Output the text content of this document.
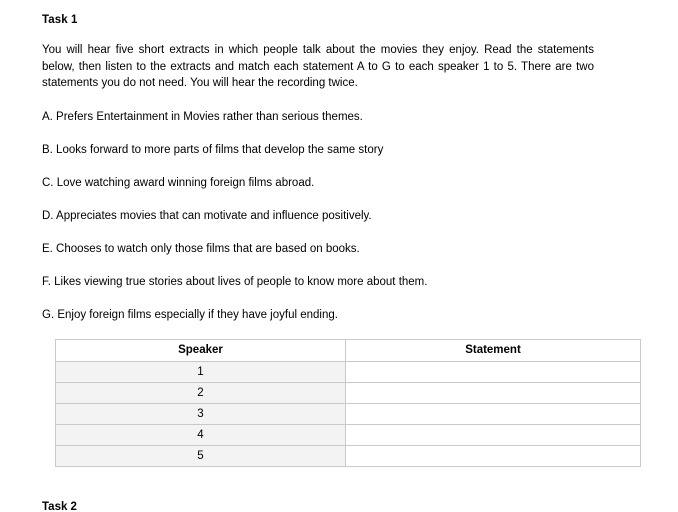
Task 1

You will hear five short extracts in which people talk about the movies they enjoy. Read the statements below, then listen to the extracts and match each statement A to G to each speaker 1 to 5. There are two statements you do not need. You will hear the recording twice.

A. Prefers Entertainment in Movies rather than serious themes.

B. Looks forward to more parts of films that develop the same story

C. Love watching award winning foreign films abroad.

D. Appreciates movies that can motivate and influence positively.

E. Chooses to watch only those films that are based on books.

F. Likes viewing true stories about lives of people to know more about them.

G. Enjoy foreign films especially if they have joyful ending.

Speaker	Statement
1	
2	
3	
4	
5	
Task 2
